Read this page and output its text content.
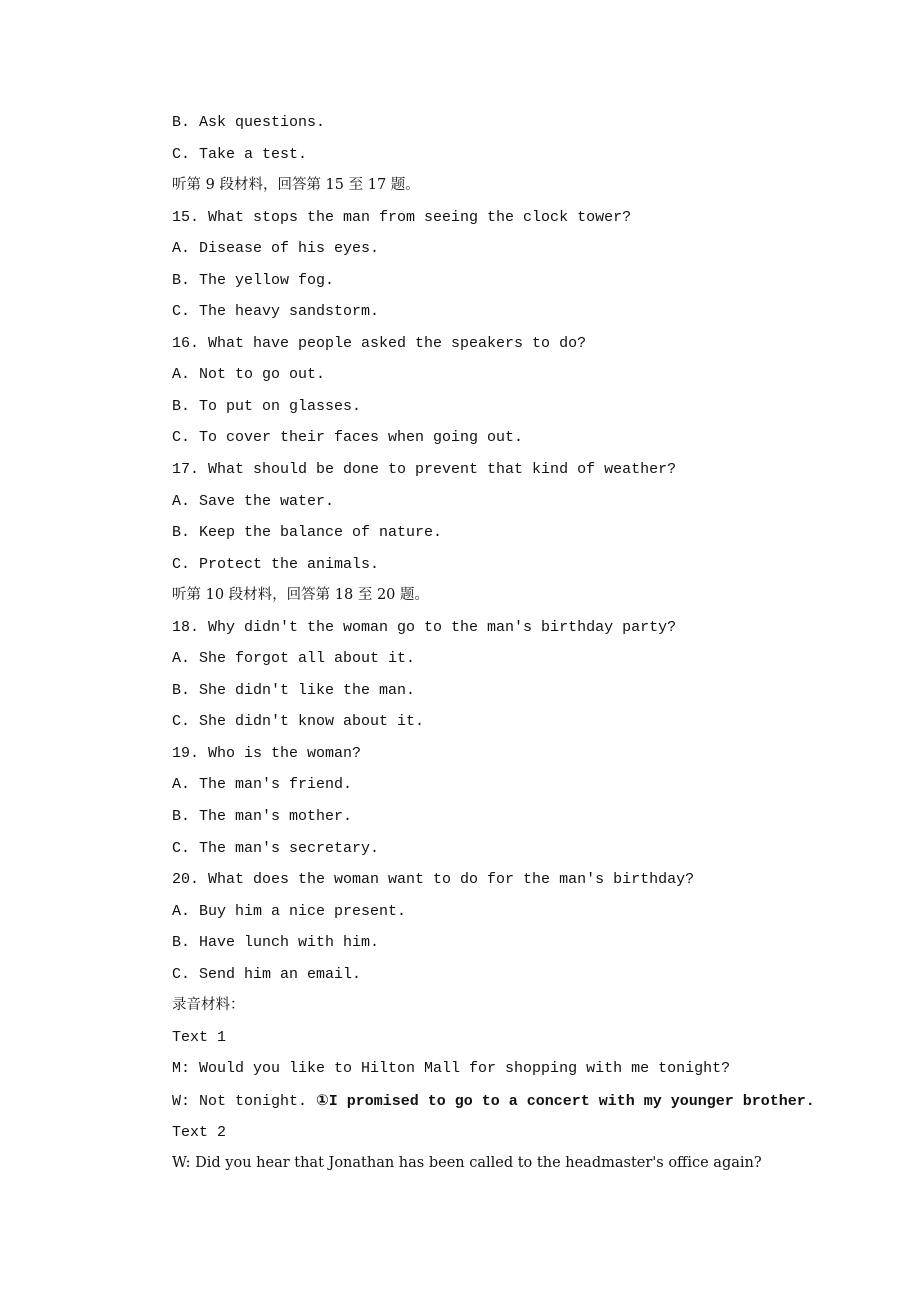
B. Ask questions.
C. Take a test.
听第 9 段材料，回答第 15 至 17 题。
15. What stops the man from seeing the clock tower?
A. Disease of his eyes.
B. The yellow fog.
C. The heavy sandstorm.
16. What have people asked the speakers to do?
A. Not to go out.
B. To put on glasses.
C. To cover their faces when going out.
17. What should be done to prevent that kind of weather?
A. Save the water.
B. Keep the balance of nature.
C. Protect the animals.
听第 10 段材料，回答第 18 至 20 题。
18. Why didn't the woman go to the man's birthday party?
A. She forgot all about it.
B. She didn't like the man.
C. She didn't know about it.
19. Who is the woman?
A. The man's friend.
B. The man's mother.
C. The man's secretary.
20. What does the woman want to do for the man's birthday?
A. Buy him a nice present.
B. Have lunch with him.
C. Send him an email.
录音材料：
Text 1
M: Would you like to Hilton Mall for shopping with me tonight?
W: Not tonight. ①I promised to go to a concert with my younger brother.
Text 2
W: Did you hear that Jonathan has been called to the headmaster's office again?
